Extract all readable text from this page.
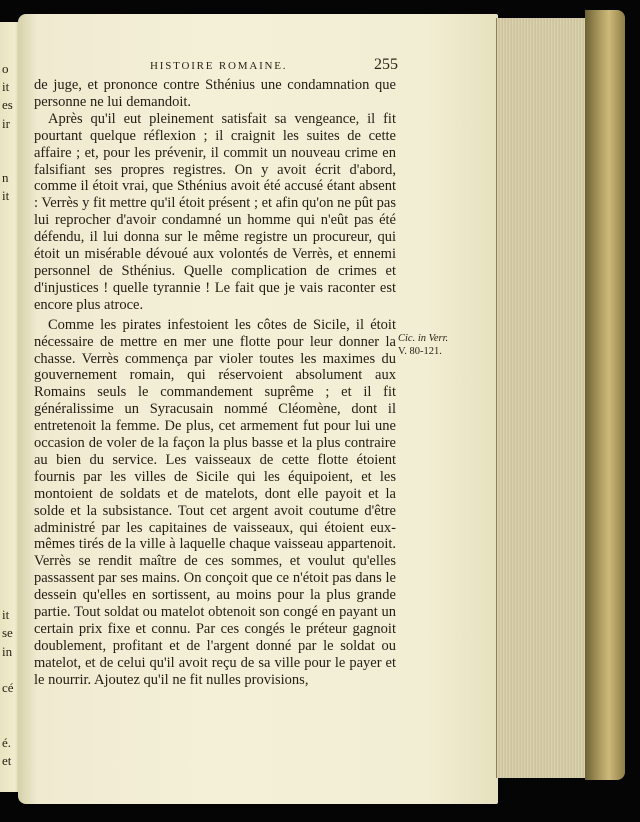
o
it
es
ir

n
it

it
se
in

cé

é.
et
HISTOIRE ROMAINE.	255

de juge, et prononce contre Sthénius une condamnation que personne ne lui demandoit.

Après qu'il eut pleinement satisfait sa vengeance, il fit pourtant quelque réflexion ; il craignit les suites de cette affaire ; et, pour les prévenir, il commit un nouveau crime en falsifiant ses propres registres. On y avoit écrit d'abord, comme il étoit vrai, que Sthénius avoit été accusé étant absent : Verrès y fit mettre qu'il étoit présent ; et afin qu'on ne pût pas lui reprocher d'avoir condamné un homme qui n'eût pas été défendu, il lui donna sur le même registre un procureur, qui étoit un misérable dévoué aux volontés de Verrès, et ennemi personnel de Sthénius. Quelle complication de crimes et d'injustices ! quelle tyrannie ! Le fait que je vais raconter est encore plus atroce.

Comme les pirates infestoient les côtes de Sicile, il étoit nécessaire de mettre en mer une flotte pour leur donner la chasse. Verrès commença par violer toutes les maximes du gouvernement romain, qui réservoient absolument aux Romains seuls le commandement suprême ; et il fit généralissime un Syracusain nommé Cléomène, dont il entretenoit la femme. De plus, cet armement fut pour lui une occasion de voler de la façon la plus basse et la plus contraire au bien du service. Les vaisseaux de cette flotte étoient fournis par les villes de Sicile qui les équipoient, et les montoient de soldats et de matelots, dont elle payoit et la solde et la subsistance. Tout cet argent avoit coutume d'être administré par les capitaines de vaisseaux, qui étoient eux-mêmes tirés de la ville à laquelle chaque vaisseau appartenoit. Verrès se rendit maître de ces sommes, et voulut qu'elles passassent par ses mains. On conçoit que ce n'étoit pas dans le dessein qu'elles en sortissent, au moins pour la plus grande partie. Tout soldat ou matelot obtenoit son congé en payant un certain prix fixe et connu. Par ces congés le préteur gagnoit doublement, profitant et de l'argent donné par le soldat ou matelot, et de celui qu'il avoit reçu de sa ville pour le payer et le nourrir. Ajoutez qu'il ne fit nulles provisions,

Cic. in Verr.
V. 80-121.
